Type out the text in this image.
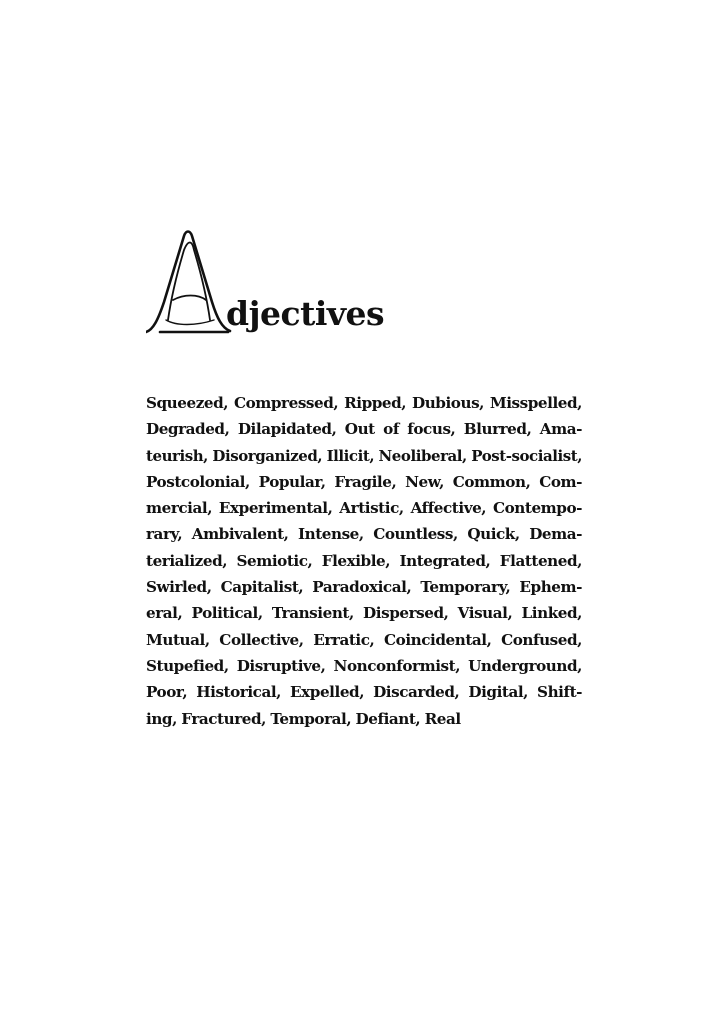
djectives
Squeezed, Compressed, Ripped, Dubious, Misspelled,
Degraded, Dilapidated, Out of focus, Blurred, Ama-
teurish, Disorganized, Illicit, Neoliberal, Post-socialist,
Postcolonial, Popular, Fragile, New, Common, Com-
mercial, Experimental, Artistic, Affective, Contempo-
rary, Ambivalent, Intense, Countless, Quick, Dema-
terialized, Semiotic, Flexible, Integrated, Flattened,
Swirled, Capitalist, Paradoxical, Temporary, Ephem-
eral, Political, Transient, Dispersed, Visual, Linked,
Mutual, Collective, Erratic, Coincidental, Confused,
Stupefied, Disruptive, Nonconformist, Underground,
Poor, Historical, Expelled, Discarded, Digital, Shift-
ing, Fractured, Temporal, Defiant, Real
